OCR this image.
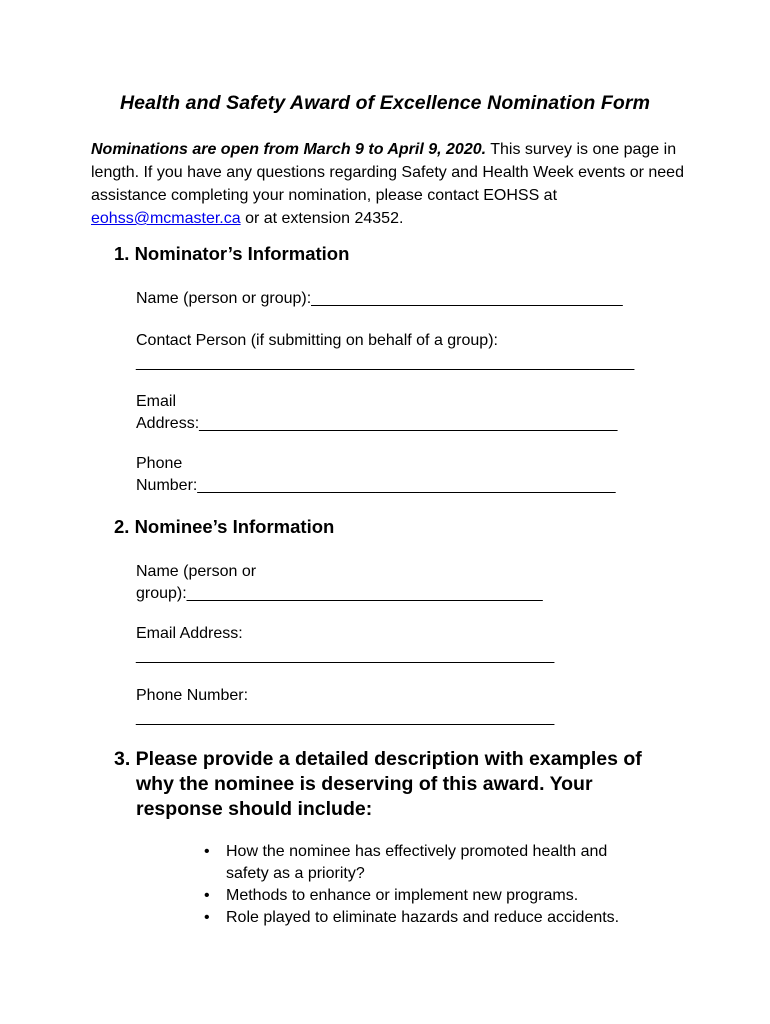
Health and Safety Award of Excellence Nomination Form
Nominations are open from March 9 to April 9, 2020. This survey is one page in length. If you have any questions regarding Safety and Health Week events or need assistance completing your nomination, please contact EOHSS at eohss@mcmaster.ca or at extension 24352.
1. Nominator’s Information
Name (person or group):___________________________________
Contact Person (if submitting on behalf of a group):
________________________________________________________
Email
Address:_______________________________________________
Phone
Number:_______________________________________________
2. Nominee’s Information
Name (person or
group):________________________________________
Email Address:
_______________________________________________
Phone Number:
_______________________________________________
3. Please provide a detailed description with examples of
why the nominee is deserving of this award. Your
response should include:
• How the nominee has effectively promoted health and
safety as a priority?
• Methods to enhance or implement new programs.
• Role played to eliminate hazards and reduce accidents.
